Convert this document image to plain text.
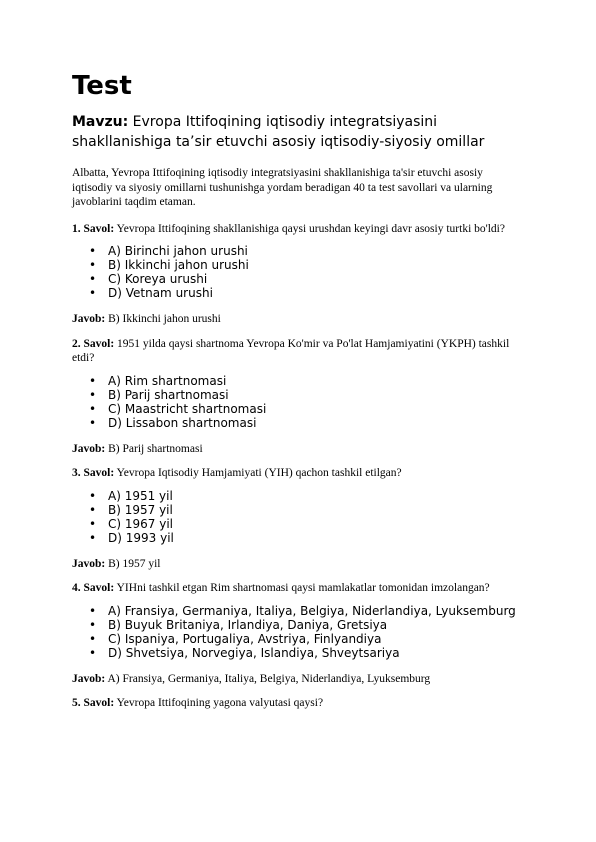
Test

Mavzu: Evropa Ittifoqining iqtisodiy integratsiyasini shakllanishiga ta’sir etuvchi asosiy iqtisodiy-siyosiy omillar

Albatta, Yevropa Ittifoqining iqtisodiy integratsiyasini shakllanishiga ta'sir etuvchi asosiy iqtisodiy va siyosiy omillarni tushunishga yordam beradigan 40 ta test savollari va ularning javoblarini taqdim etaman.

1. Savol: Yevropa Ittifoqining shakllanishiga qaysi urushdan keyingi davr asosiy turtki bo'ldi?

• A) Birinchi jahon urushi
• B) Ikkinchi jahon urushi
• C) Koreya urushi
• D) Vetnam urushi

Javob: B) Ikkinchi jahon urushi

2. Savol: 1951 yilda qaysi shartnoma Yevropa Ko'mir va Po'lat Hamjamiyatini (YKPH) tashkil etdi?

• A) Rim shartnomasi
• B) Parij shartnomasi
• C) Maastricht shartnomasi
• D) Lissabon shartnomasi

Javob: B) Parij shartnomasi

3. Savol: Yevropa Iqtisodiy Hamjamiyati (YIH) qachon tashkil etilgan?

• A) 1951 yil
• B) 1957 yil
• C) 1967 yil
• D) 1993 yil

Javob: B) 1957 yil

4. Savol: YIHni tashkil etgan Rim shartnomasi qaysi mamlakatlar tomonidan imzolangan?

• A) Fransiya, Germaniya, Italiya, Belgiya, Niderlandiya, Lyuksemburg
• B) Buyuk Britaniya, Irlandiya, Daniya, Gretsiya
• C) Ispaniya, Portugaliya, Avstriya, Finlyandiya
• D) Shvetsiya, Norvegiya, Islandiya, Shveytsariya

Javob: A) Fransiya, Germaniya, Italiya, Belgiya, Niderlandiya, Lyuksemburg

5. Savol: Yevropa Ittifoqining yagona valyutasi qaysi?
